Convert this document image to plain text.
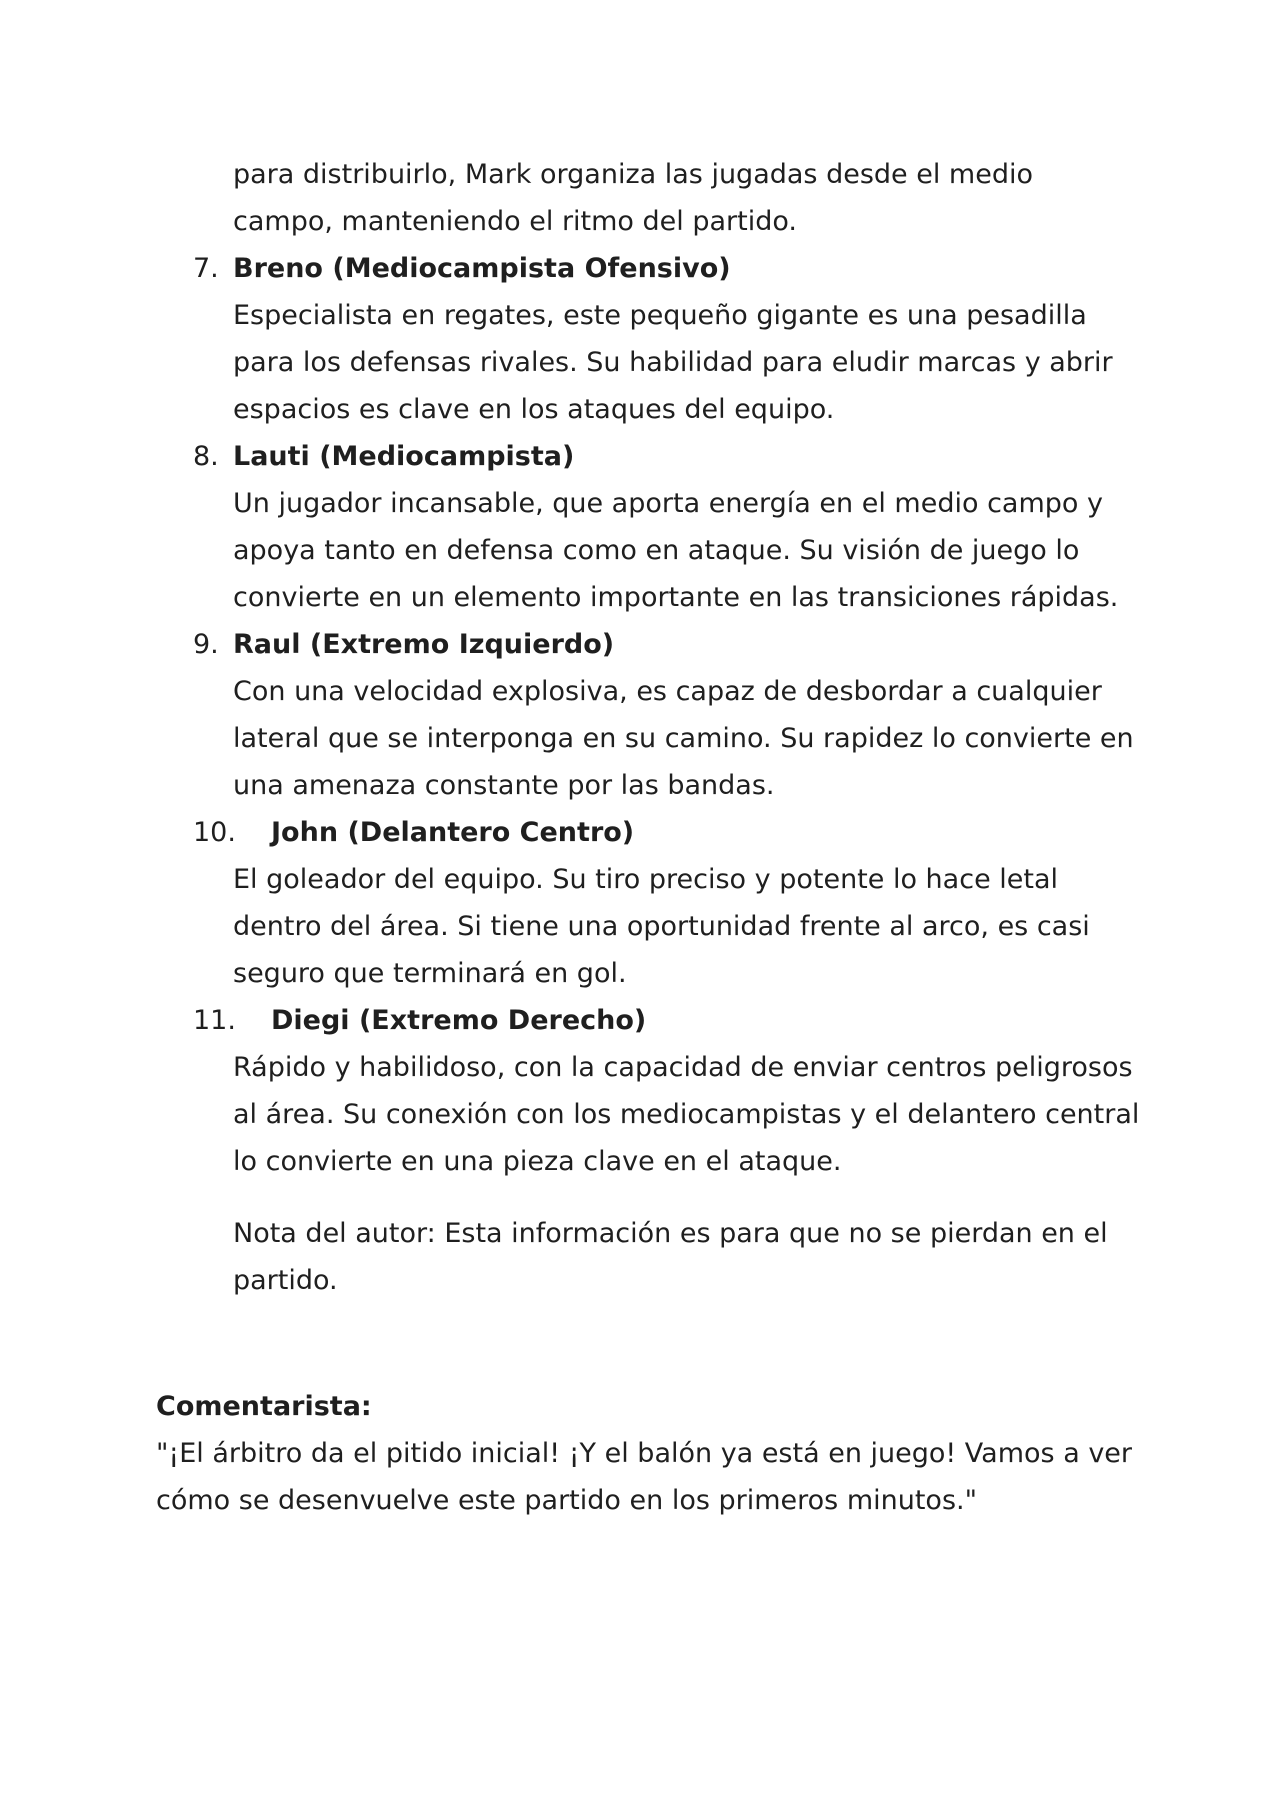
para distribuirlo, Mark organiza las jugadas desde el medio
campo, manteniendo el ritmo del partido.
7. Breno (Mediocampista Ofensivo)
Especialista en regates, este pequeño gigante es una pesadilla
para los defensas rivales. Su habilidad para eludir marcas y abrir
espacios es clave en los ataques del equipo.
8. Lauti (Mediocampista)
Un jugador incansable, que aporta energía en el medio campo y
apoya tanto en defensa como en ataque. Su visión de juego lo
convierte en un elemento importante en las transiciones rápidas.
9. Raul (Extremo Izquierdo)
Con una velocidad explosiva, es capaz de desbordar a cualquier
lateral que se interponga en su camino. Su rapidez lo convierte en
una amenaza constante por las bandas.
10. John (Delantero Centro)
El goleador del equipo. Su tiro preciso y potente lo hace letal
dentro del área. Si tiene una oportunidad frente al arco, es casi
seguro que terminará en gol.
11. Diegi (Extremo Derecho)
Rápido y habilidoso, con la capacidad de enviar centros peligrosos
al área. Su conexión con los mediocampistas y el delantero central
lo convierte en una pieza clave en el ataque.
Nota del autor: Esta información es para que no se pierdan en el
partido.
Comentarista:
"¡El árbitro da el pitido inicial! ¡Y el balón ya está en juego! Vamos a ver
cómo se desenvuelve este partido en los primeros minutos."
